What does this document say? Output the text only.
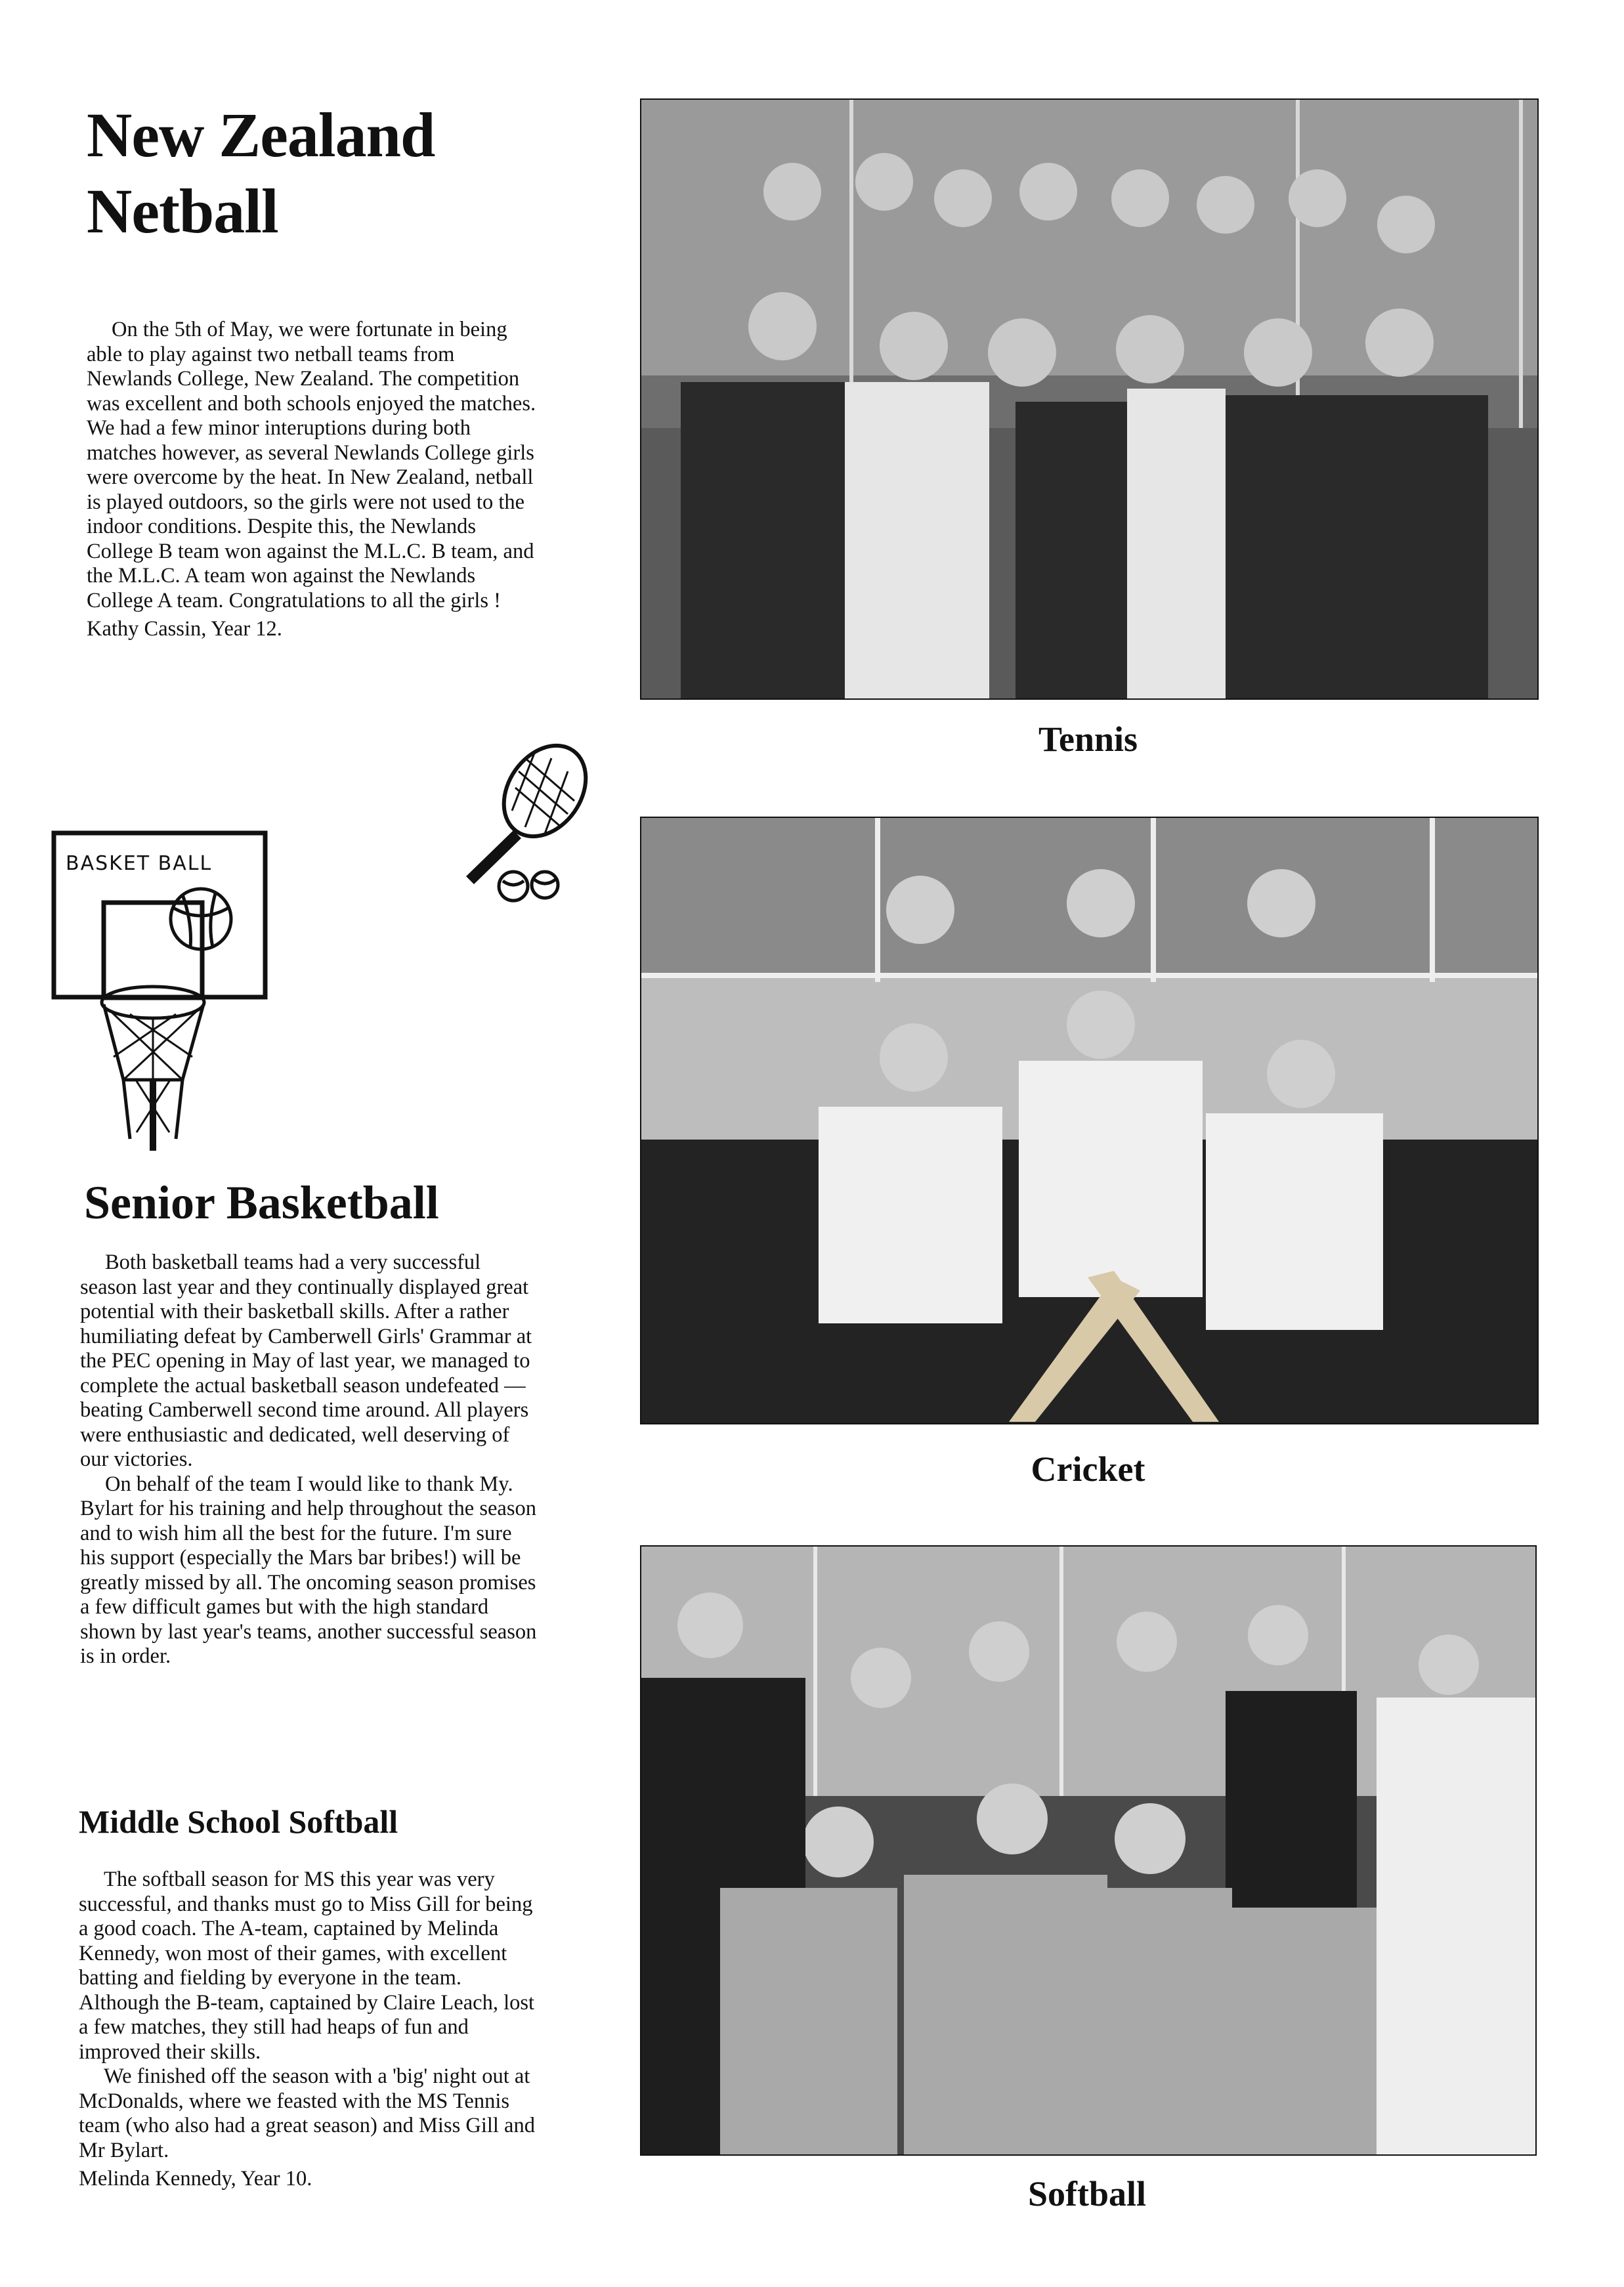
New Zealand
Netball

On the 5th of May, we were fortunate in being able to play against two netball teams from Newlands College, New Zealand. The competition was excellent and both schools enjoyed the matches. We had a few minor interuptions during both matches however, as several Newlands College girls were overcome by the heat. In New Zealand, netball is played outdoors, so the girls were not used to the indoor conditions. Despite this, the Newlands College B team won against the M.L.C. B team, and the M.L.C. A team won against the Newlands College A team. Congratulations to all the girls !

Kathy Cassin, Year 12.

BASKET BALL
Senior Basketball

Both basketball teams had a very successful season last year and they continually displayed great potential with their basketball skills. After a rather humiliating defeat by Camberwell Girls' Grammar at the PEC opening in May of last year, we managed to complete the actual basketball season undefeated — beating Camberwell second time around. All players were enthusiastic and dedicated, well deserving of our victories.

On behalf of the team I would like to thank My. Bylart for his training and help throughout the season and to wish him all the best for the future. I'm sure his support (especially the Mars bar bribes!) will be greatly missed by all. The oncoming season promises a few difficult games but with the high standard shown by last year's teams, another successful season is in order.

Middle School Softball

The softball season for MS this year was very successful, and thanks must go to Miss Gill for being a good coach. The A-team, captained by Melinda Kennedy, won most of their games, with excellent batting and fielding by everyone in the team. Although the B-team, captained by Claire Leach, lost a few matches, they still had heaps of fun and improved their skills.

We finished off the season with a 'big' night out at McDonalds, where we feasted with the MS Tennis team (who also had a great season) and Miss Gill and Mr Bylart.

Melinda Kennedy, Year 10.

Tennis
Cricket
Softball
